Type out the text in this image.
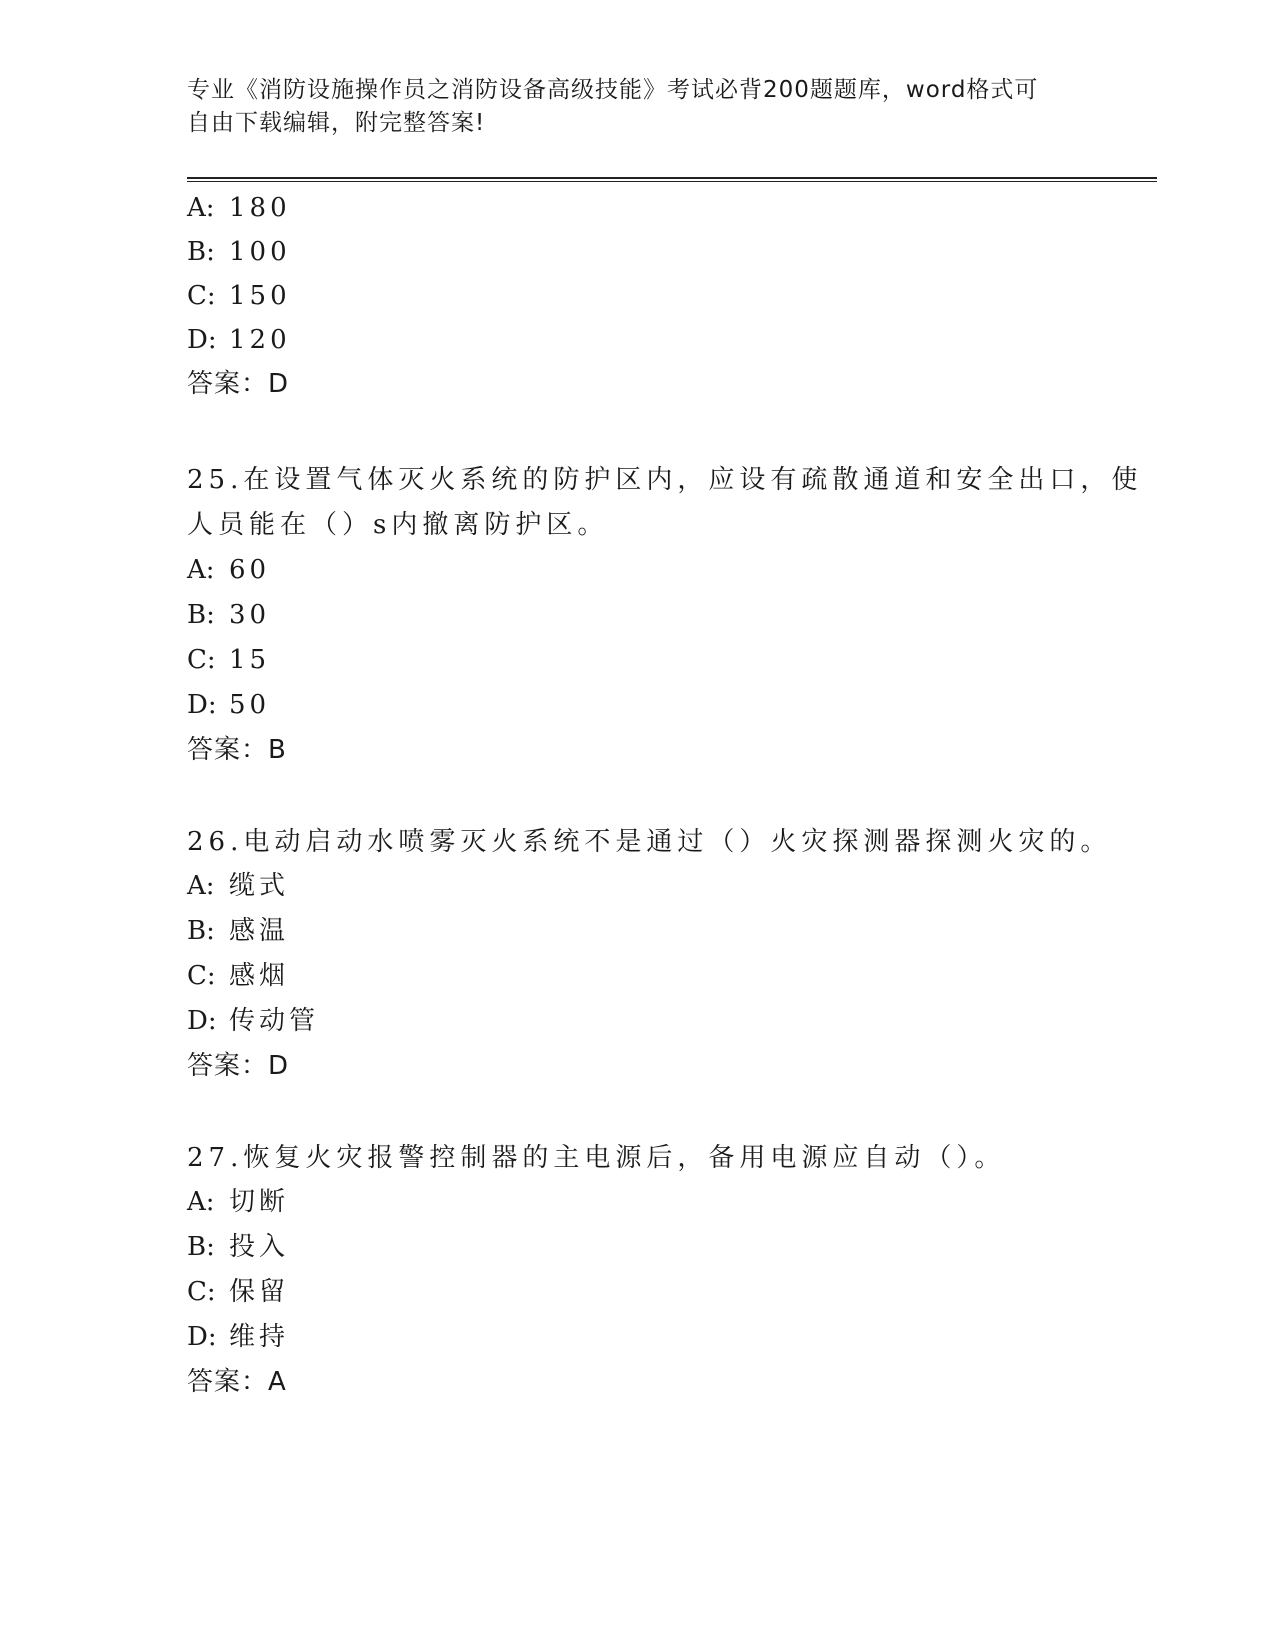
专业《消防设施操作员之消防设备高级技能》考试必背200题题库，word格式可
自由下载编辑，附完整答案!
A: 180
B: 100
C: 150
D: 120
答案：D
25.在设置气体灭火系统的防护区内，应设有疏散通道和安全出口，使
人员能在（）s内撤离防护区。
A: 60
B: 30
C: 15
D: 50
答案：B
26.电动启动水喷雾灭火系统不是通过（）火灾探测器探测火灾的。
A: 缆式
B: 感温
C: 感烟
D: 传动管
答案：D
27.恢复火灾报警控制器的主电源后，备用电源应自动（）。
A: 切断
B: 投入
C: 保留
D: 维持
答案：A
